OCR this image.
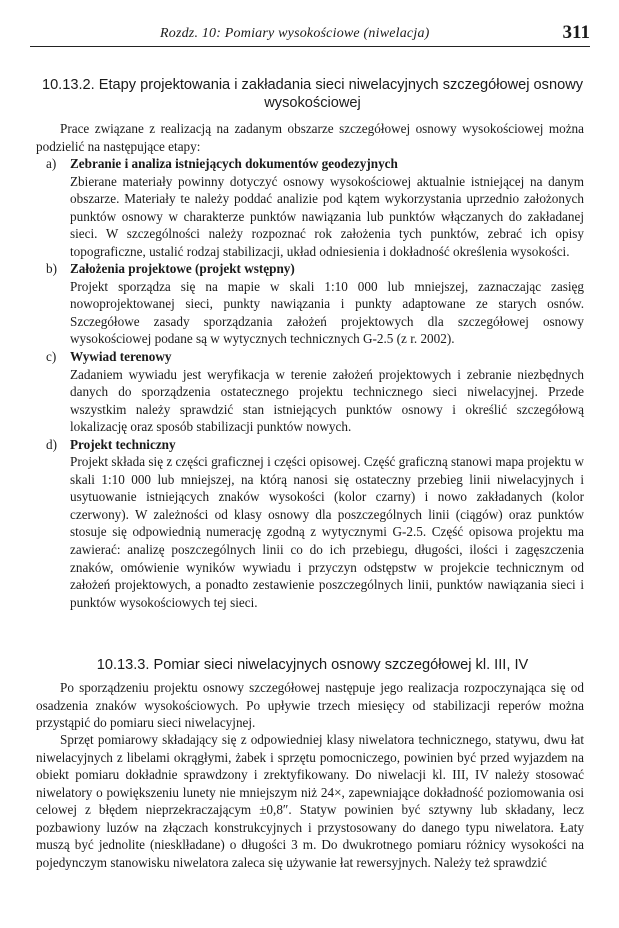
Rozdz. 10: Pomiary wysokościowe (niwelacja)	311
10.13.2. Etapy projektowania i zakładania sieci niwelacyjnych szczegółowej osnowy wysokościowej
Prace związane z realizacją na zadanym obszarze szczegółowej osnowy wysokościowej można podzielić na następujące etapy:
a) Zebranie i analiza istniejących dokumentów geodezyjnych
Zbierane materiały powinny dotyczyć osnowy wysokościowej aktualnie istniejącej na danym obszarze. Materiały te należy poddać analizie pod kątem wykorzystania uprzednio założonych punktów osnowy w charakterze punktów nawiązania lub punktów włączanych do zakładanej sieci. W szczególności należy rozpoznać rok założenia tych punktów, zebrać ich opisy topograficzne, ustalić rodzaj stabilizacji, układ odniesienia i dokładność określenia wysokości.
b) Założenia projektowe (projekt wstępny)
Projekt sporządza się na mapie w skali 1:10 000 lub mniejszej, zaznaczając zasięg nowoprojektowanej sieci, punkty nawiązania i punkty adaptowane ze starych osnów. Szczegółowe zasady sporządzania założeń projektowych dla szczegółowej osnowy wysokościowej podane są w wytycznych technicznych G-2.5 (z r. 2002).
c) Wywiad terenowy
Zadaniem wywiadu jest weryfikacja w terenie założeń projektowych i zebranie niezbędnych danych do sporządzenia ostatecznego projektu technicznego sieci niwelacyjnej. Przede wszystkim należy sprawdzić stan istniejących punktów osnowy i określić szczegółową lokalizację oraz sposób stabilizacji punktów nowych.
d) Projekt techniczny
Projekt składa się z części graficznej i części opisowej. Część graficzną stanowi mapa projektu w skali 1:10 000 lub mniejszej, na którą nanosi się ostateczny przebieg linii niwelacyjnych i usytuowanie istniejących znaków wysokości (kolor czarny) i nowo zakładanych (kolor czerwony). W zależności od klasy osnowy dla poszczególnych linii (ciągów) oraz punktów stosuje się odpowiednią numerację zgodną z wytycznymi G-2.5. Część opisowa projektu ma zawierać: analizę poszczególnych linii co do ich przebiegu, długości, ilości i zagęszczenia znaków, omówienie wyników wywiadu i przyczyn odstępstw w projekcie technicznym od założeń projektowych, a ponadto zestawienie poszczególnych linii, punktów nawiązania sieci i punktów wysokościowych tej sieci.
10.13.3. Pomiar sieci niwelacyjnych osnowy szczegółowej kl. III, IV
Po sporządzeniu projektu osnowy szczegółowej następuje jego realizacja rozpoczynająca się od osadzenia znaków wysokościowych. Po upływie trzech miesięcy od stabilizacji reperów można przystąpić do pomiaru sieci niwelacyjnej.
Sprzęt pomiarowy składający się z odpowiedniej klasy niwelatora technicznego, statywu, dwu łat niwelacyjnych z libelami okrągłymi, żabek i sprzętu pomocniczego, powinien być przed wyjazdem na obiekt pomiaru dokładnie sprawdzony i zrektyfikowany. Do niwelacji kl. III, IV należy stosować niwelatory o powiększeniu lunety nie mniejszym niż 24×, zapewniające dokładność poziomowania osi celowej z błędem nieprzekraczającym ±0,8″. Statyw powinien być sztywny lub składany, lecz pozbawiony luzów na złączach konstrukcyjnych i przystosowany do danego typu niwelatora. Łaty muszą być jednolite (niesklładane) o długości 3 m. Do dwukrotnego pomiaru różnicy wysokości na pojedynczym stanowisku niwelatora zaleca się używanie łat rewersyjnych. Należy też sprawdzić
